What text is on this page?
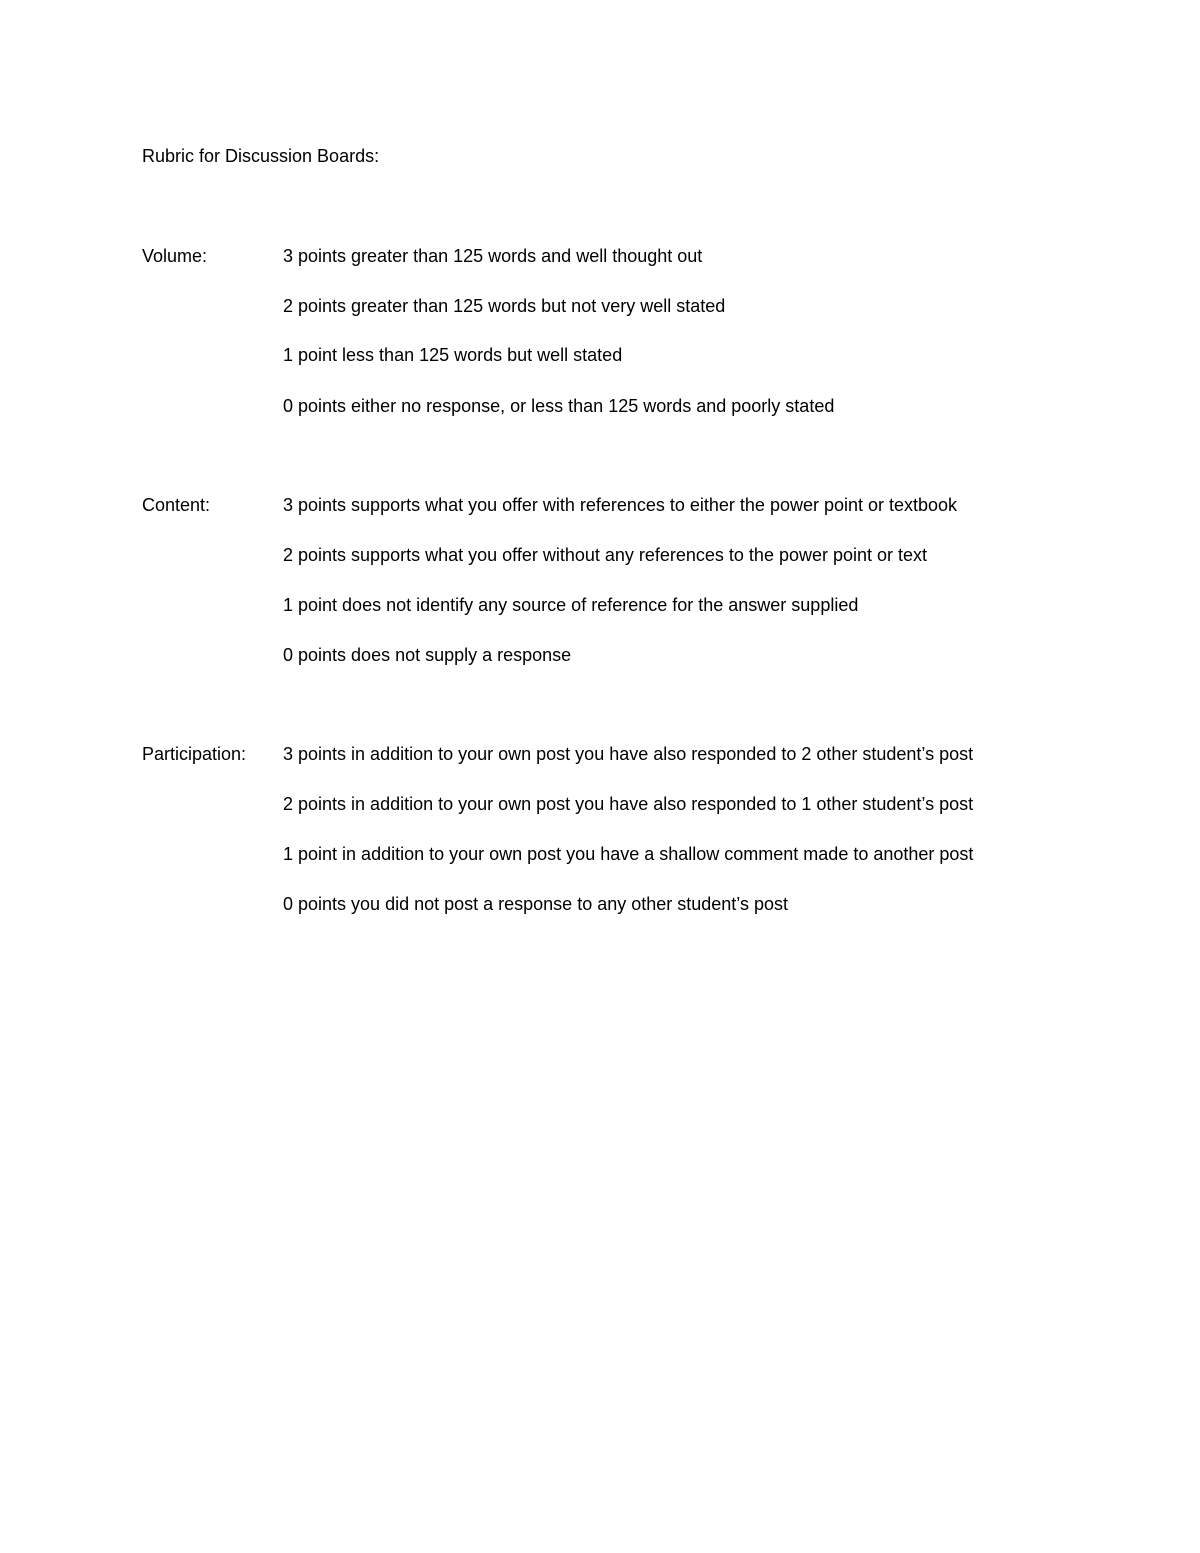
Rubric for Discussion Boards:
Volume:	3 points greater than 125 words and well thought out
2 points greater than 125 words but not very well stated
1 point less than 125 words but well stated
0 points either no response, or less than 125 words and poorly stated
Content:	3 points supports what you offer with references to either the power point or textbook
2 points supports what you offer without any references to the power point or text
1 point does not identify any source of reference for the answer supplied
0 points does not supply a response
Participation: 3 points in addition to your own post you have also responded to 2 other student’s post
2 points in addition to your own post you have also responded to 1 other student’s post
1 point in addition to your own post you have a shallow comment made to another post
0 points you did not post a response to any other student’s post
